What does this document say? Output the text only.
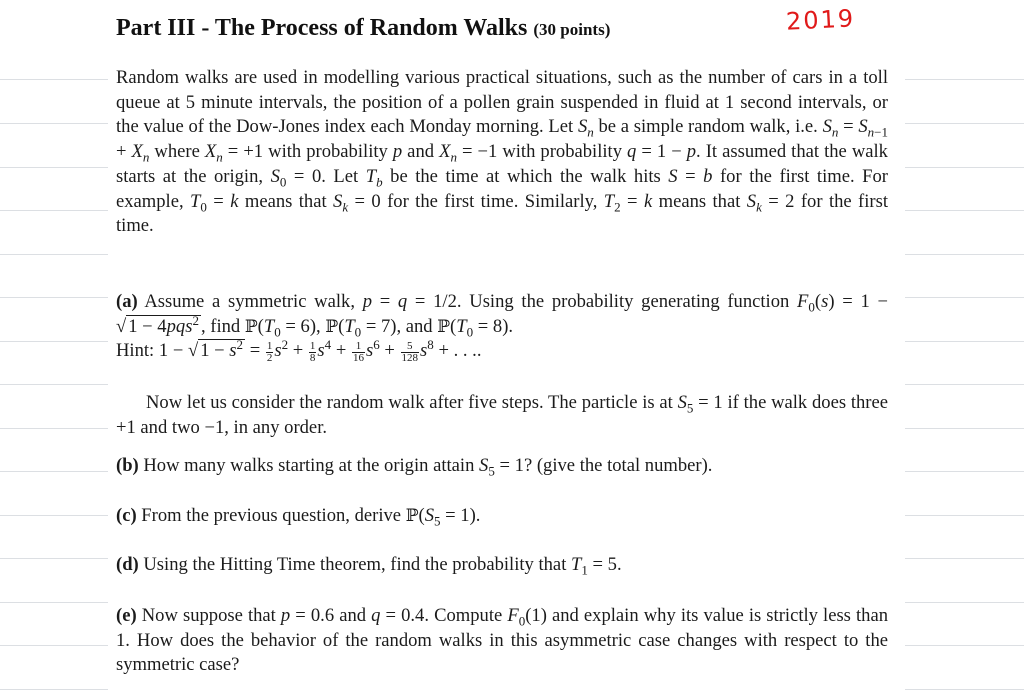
Part III - The Process of Random Walks (30 points)	2019
Random walks are used in modelling various practical situations, such as the number of cars in a toll queue at 5 minute intervals, the position of a pollen grain suspended in fluid at 1 second intervals, or the value of the Dow-Jones index each Monday morning. Let $S_n$ be a simple random walk, i.e. $S_n = S_{n-1} + X_n$ where $X_n = +1$ with probability p and $X_n = -1$ with probability q = 1 − p. It assumed that the walk starts at the origin, $S_0 = 0$. Let $T_b$ be the time at which the walk hits S = b for the first time. For example, $T_0 = k$ means that $S_k = 0$ for the first time. Similarly, $T_2 = k$ means that $S_k = 2$ for the first time.
(a) Assume a symmetric walk, p = q = 1/2. Using the probability generating function $F_0(s) = 1$ − √ 1 − 4pqs$^2$ , find $ℙ(T_0 = 6)$, $ℙ(T_0 = 7)$, and $ℙ(T_0 = 8)$.
Hint: 1 − √ $1 - s^2 = \frac{1}{2} s^2 + \frac{1}{8} s^4 + \frac{1}{16} s^6 + \frac{5}{128} s^8$ + . . ..
Now let us consider the random walk after five steps. The particle is at $S_5 = 1$ if the walk does three +1 and two −1, in any order.
(b) How many walks starting at the origin attain $S_5 = 1$? (give the total number).
(c) From the previous question, derive $ℙ(S_5 = 1)$.
(d) Using the Hitting Time theorem, find the probability that $T_1 = 5$.
(e) Now suppose that p = 0.6 and q = 0.4. Compute $F_0(1)$ and explain why its value is strictly less than 1. How does the behavior of the random walks in this asymmetric case changes with respect to the symmetric case?
